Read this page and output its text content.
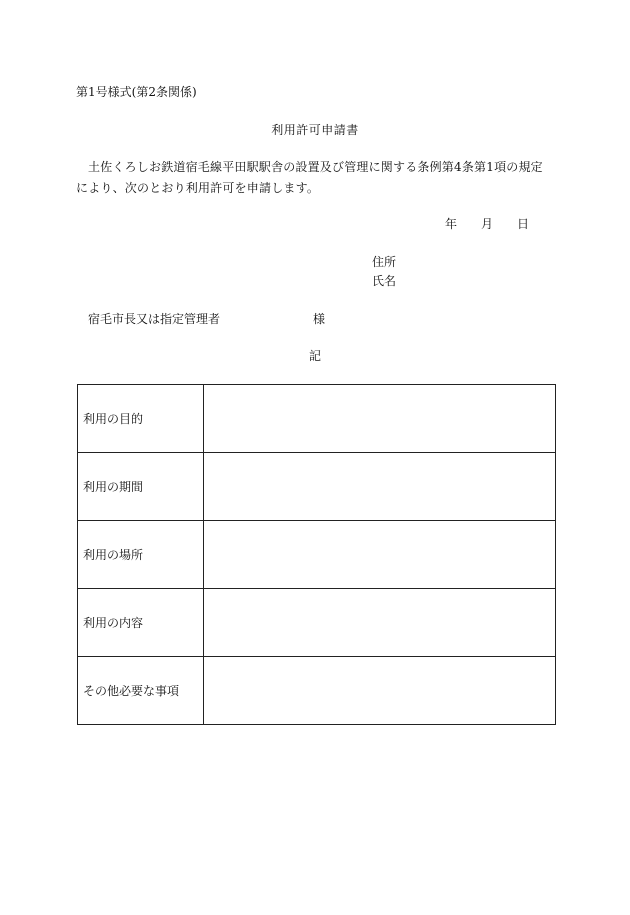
第1号様式(第2条関係)
利用許可申請書
土佐くろしお鉄道宿毛線平田駅駅舎の設置及び管理に関する条例第4条第1項の規定により、次のとおり利用許可を申請します。
年 月 日
住所
氏名
宿毛市長又は指定管理者	様
記
利用の目的	
利用の期間	
利用の場所	
利用の内容	
その他必要な事項	
